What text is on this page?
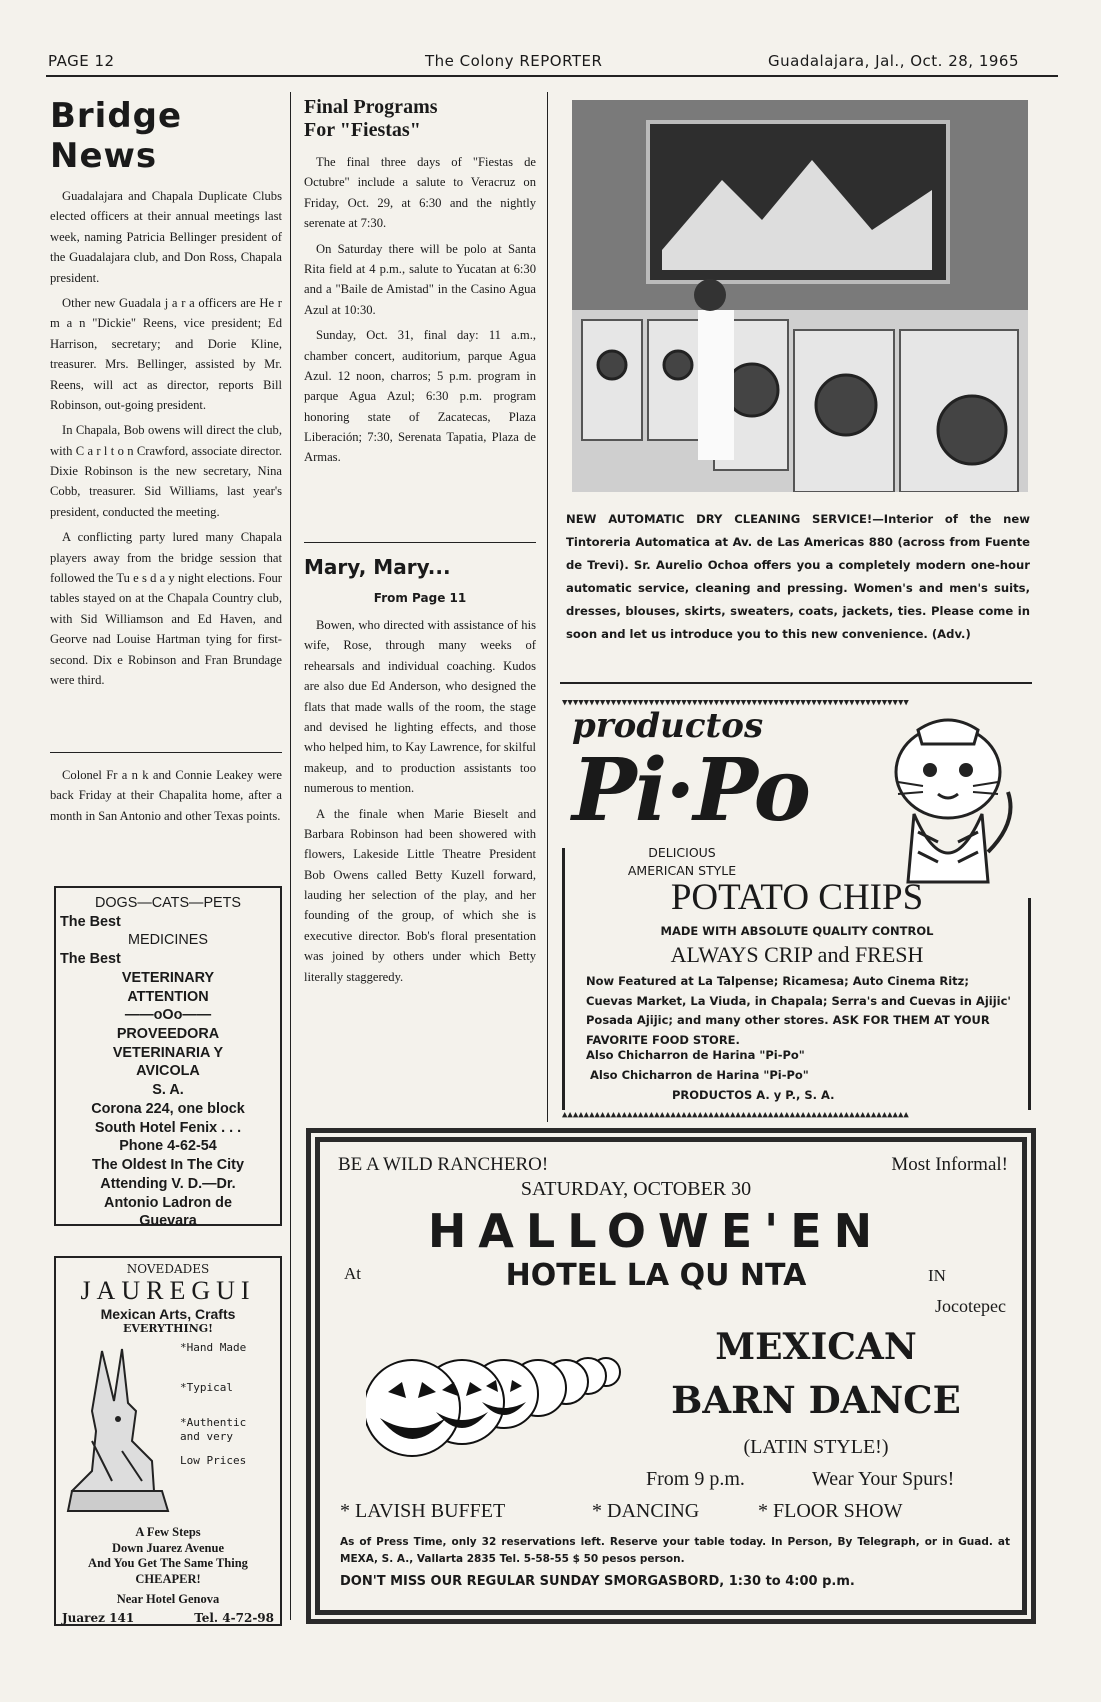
PAGE 12	The Colony REPORTER	Guadalajara, Jal., Oct. 28, 1965
Bridge News

Guadalajara and Chapala Duplicate Clubs elected officers at their annual meetings last week, naming Patricia Bellinger president of the Guadalajara club, and Don Ross, Chapala president.

Other new Guadala j a r a officers are He r m a n "Dickie" Reens, vice president; Ed Harrison, secretary; and Dorie Kline, treasurer. Mrs. Bellinger, assisted by Mr. Reens, will act as director, reports Bill Robinson, out-going president.

In Chapala, Bob owens will direct the club, with C a r l t o n Crawford, associate director. Dixie Robinson is the new secretary, Nina Cobb, treasurer. Sid Williams, last year's president, conducted the meeting.

A conflicting party lured many Chapala players away from the bridge session that followed the Tu e s d a y night elections. Four tables stayed on at the Chapala Country club, with Sid Williamson and Ed Haven, and Georve nad Louise Hartman tying for first-second. Dix e Robinson and Fran Brundage were third.

Colonel Fr a n k and Connie Leakey were back Friday at their Chapalita home, after a month in San Antonio and other Texas points.

DOGS—CATS—PETS
The Best
MEDICINES
The Best
VETERINARY
ATTENTION
——oOo——
PROVEEDORA
VETERINARIA Y
AVICOLA
S. A.
Corona 224, one block
South Hotel Fenix . . .
Phone 4-62-54
The Oldest In The City
Attending V. D.—Dr.
Antonio Ladron de
Guevara
NOVEDADES
JAUREGUI
Mexican Arts, Crafts
EVERYTHING!
*Hand Made
*Typical
*Authentic
and very
Low Prices
A Few Steps
Down Juarez Avenue
And You Get The Same Thing
CHEAPER!
Near Hotel Genova
Juarez 141	Tel. 4-72-98
Final Programs
For "Fiestas"

The final three days of "Fiestas de Octubre" include a salute to Veracruz on Friday, Oct. 29, at 6:30 and the nightly serenate at 7:30.

On Saturday there will be polo at Santa Rita field at 4 p.m., salute to Yucatan at 6:30 and a "Baile de Amistad" in the Casino Agua Azul at 10:30.

Sunday, Oct. 31, final day: 11 a.m., chamber concert, auditorium, parque Agua Azul. 12 noon, charros; 5 p.m. program in parque Agua Azul; 6:30 p.m. program honoring state of Zacatecas, Plaza Liberación; 7:30, Serenata Tapatia, Plaza de Armas.

Mary, Mary...
From Page 11

Bowen, who directed with assistance of his wife, Rose, through many weeks of rehearsals and individual coaching. Kudos are also due Ed Anderson, who designed the flats that made walls of the room, the stage and devised he lighting effects, and those who helped him, to Kay Lawrence, for skilful makeup, and to production assistants too numerous to mention.

A the finale when Marie Bieselt and Barbara Robinson had been showered with flowers, Lakeside Little Theatre President Bob Owens called Betty Kuzell forward, lauding her selection of the play, and her founding of the group, of which she is executive director. Bob's floral presentation was joined by others under which Betty literally staggeredy.

NEW AUTOMATIC DRY CLEANING SERVICE!—Interior of the new Tintoreria Automatica at Av. de Las Americas 880 (across from Fuente de Trevi). Sr. Aurelio Ochoa offers you a completely modern one-hour automatic service, cleaning and pressing. Women's and men's suits, dresses, blouses, skirts, sweaters, coats, jackets, ties. Please come in soon and let us introduce you to this new convenience. (Adv.)
▼▼▼▼▼▼▼▼▼▼▼▼▼▼▼▼▼▼▼▼▼▼▼▼▼▼▼▼▼▼▼▼▼▼▼▼▼▼▼▼▼▼▼▼▼▼▼▼▼▼▼▼▼▼▼▼▼▼▼▼▼▼▼▼
▲▲▲▲▲▲▲▲▲▲▲▲▲▲▲▲▲▲▲▲▲▲▲▲▲▲▲▲▲▲▲▲▲▲▲▲▲▲▲▲▲▲▲▲▲▲▲▲▲▲▲▲▲▲▲▲▲▲▲▲▲▲▲▲
productos
Pi·Po
DELICIOUS
AMERICAN STYLE
POTATO CHIPS
MADE WITH ABSOLUTE QUALITY CONTROL
ALWAYS CRIP and FRESH
Now Featured at La Talpense; Ricamesa; Auto Cinema Ritz; Cuevas Market, La Viuda, in Chapala; Serra's and Cuevas in Ajijic' Posada Ajijic; and many other stores. ASK FOR THEM AT YOUR FAVORITE FOOD STORE.
Also Chicharron de Harina "Pi-Po"
Also Chicharron de Harina "Pi-Po"
PRODUCTOS A. y P., S. A.
BE A WILD RANCHERO!	Most Informal!
SATURDAY, OCTOBER 30
HALLOWE'EN
At	HOTEL LA QU NTA	IN
Jocotepec
MEXICAN
BARN DANCE
(LATIN STYLE!)
From 9 p.m.	Wear Your Spurs!
* LAVISH BUFFET	* DANCING	* FLOOR SHOW
As of Press Time, only 32 reservations left. Reserve your table today. In Person, By Telegraph, or in Guad. at MEXA, S. A., Vallarta 2835 Tel. 5-58-55 $ 50 pesos person.
DON'T MISS OUR REGULAR SUNDAY SMORGASBORD, 1:30 to 4:00 p.m.
